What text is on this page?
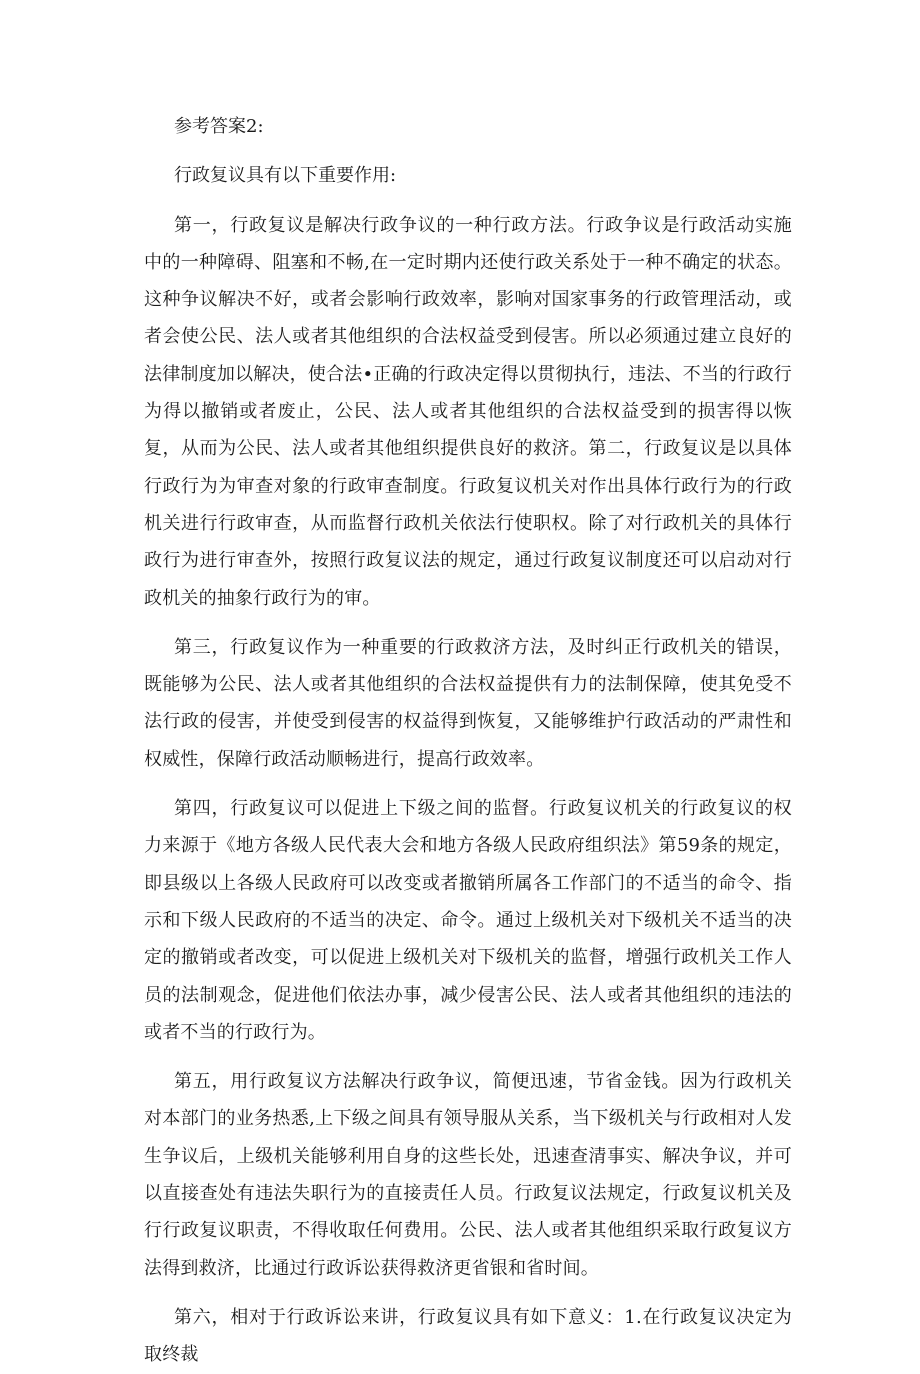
参考答案2:

行政复议具有以下重要作用:

第一，行政复议是解决行政争议的一种行政方法。行政争议是行政活动实施中的一种障碍、阻塞和不畅,在一定时期内还使行政关系处于一种不确定的状态。这种争议解决不好，或者会影响行政效率，影响对国家事务的行政管理活动，或者会使公民、法人或者其他组织的合法权益受到侵害。所以必须通过建立良好的法律制度加以解决，使合法•正确的行政决定得以贯彻执行，违法、不当的行政行为得以撤销或者废止，公民、法人或者其他组织的合法权益受到的损害得以恢复，从而为公民、法人或者其他组织提供良好的救济。第二，行政复议是以具体行政行为为审查对象的行政审查制度。行政复议机关对作出具体行政行为的行政机关进行行政审查，从而监督行政机关依法行使职权。除了对行政机关的具体行政行为进行审查外，按照行政复议法的规定，通过行政复议制度还可以启动对行政机关的抽象行政行为的审。

第三，行政复议作为一种重要的行政救济方法，及时纠正行政机关的错误，既能够为公民、法人或者其他组织的合法权益提供有力的法制保障，使其免受不法行政的侵害，并使受到侵害的权益得到恢复，又能够维护行政活动的严肃性和权威性，保障行政活动顺畅进行，提高行政效率。

第四，行政复议可以促进上下级之间的监督。行政复议机关的行政复议的权力来源于《地方各级人民代表大会和地方各级人民政府组织法》第59条的规定，即县级以上各级人民政府可以改变或者撤销所属各工作部门的不适当的命令、指示和下级人民政府的不适当的决定、命令。通过上级机关对下级机关不适当的决定的撤销或者改变，可以促进上级机关对下级机关的监督，增强行政机关工作人员的法制观念，促进他们依法办事，减少侵害公民、法人或者其他组织的违法的或者不当的行政行为。

第五，用行政复议方法解决行政争议，简便迅速，节省金钱。因为行政机关对本部门的业务热悉,上下级之间具有领导服从关系，当下级机关与行政相对人发生争议后，上级机关能够利用自身的这些长处，迅速查清事实、解决争议，并可以直接查处有违法失职行为的直接责任人员。行政复议法规定，行政复议机关及行行政复议职责，不得收取任何费用。公民、法人或者其他组织采取行政复议方法得到救济，比通过行政诉讼获得救济更省银和省时间。

第六，相对于行政诉讼来讲，行政复议具有如下意义：1.在行政复议决定为取终裁
